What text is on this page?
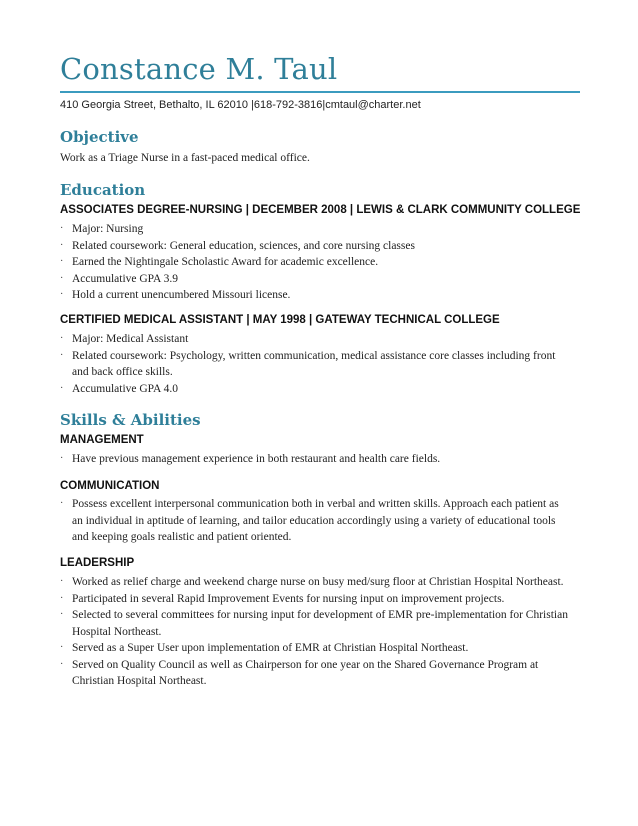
Constance M. Taul
410 Georgia Street, Bethalto, IL 62010 |618-792-3816|cmtaul@charter.net
Objective
Work as a Triage Nurse in a fast-paced medical office.
Education
ASSOCIATES DEGREE-NURSING | DECEMBER 2008 | LEWIS & CLARK COMMUNITY COLLEGE
· Major: Nursing
· Related coursework: General education, sciences, and core nursing classes
· Earned the Nightingale Scholastic Award for academic excellence.
· Accumulative GPA 3.9
· Hold a current unencumbered Missouri license.
CERTIFIED MEDICAL ASSISTANT | MAY 1998 | GATEWAY TECHNICAL COLLEGE
· Major: Medical Assistant
· Related coursework: Psychology, written communication, medical assistance core classes including front and back office skills.
· Accumulative GPA 4.0
Skills & Abilities
MANAGEMENT
· Have previous management experience in both restaurant and health care fields.
COMMUNICATION
· Possess excellent interpersonal communication both in verbal and written skills. Approach each patient as an individual in aptitude of learning, and tailor education accordingly using a variety of educational tools and keeping goals realistic and patient oriented.
LEADERSHIP
· Worked as relief charge and weekend charge nurse on busy med/surg floor at Christian Hospital Northeast.
· Participated in several Rapid Improvement Events for nursing input on improvement projects.
· Selected to several committees for nursing input for development of EMR pre-implementation for Christian Hospital Northeast.
· Served as a Super User upon implementation of EMR at Christian Hospital Northeast.
· Served on Quality Council as well as Chairperson for one year on the Shared Governance Program at Christian Hospital Northeast.
